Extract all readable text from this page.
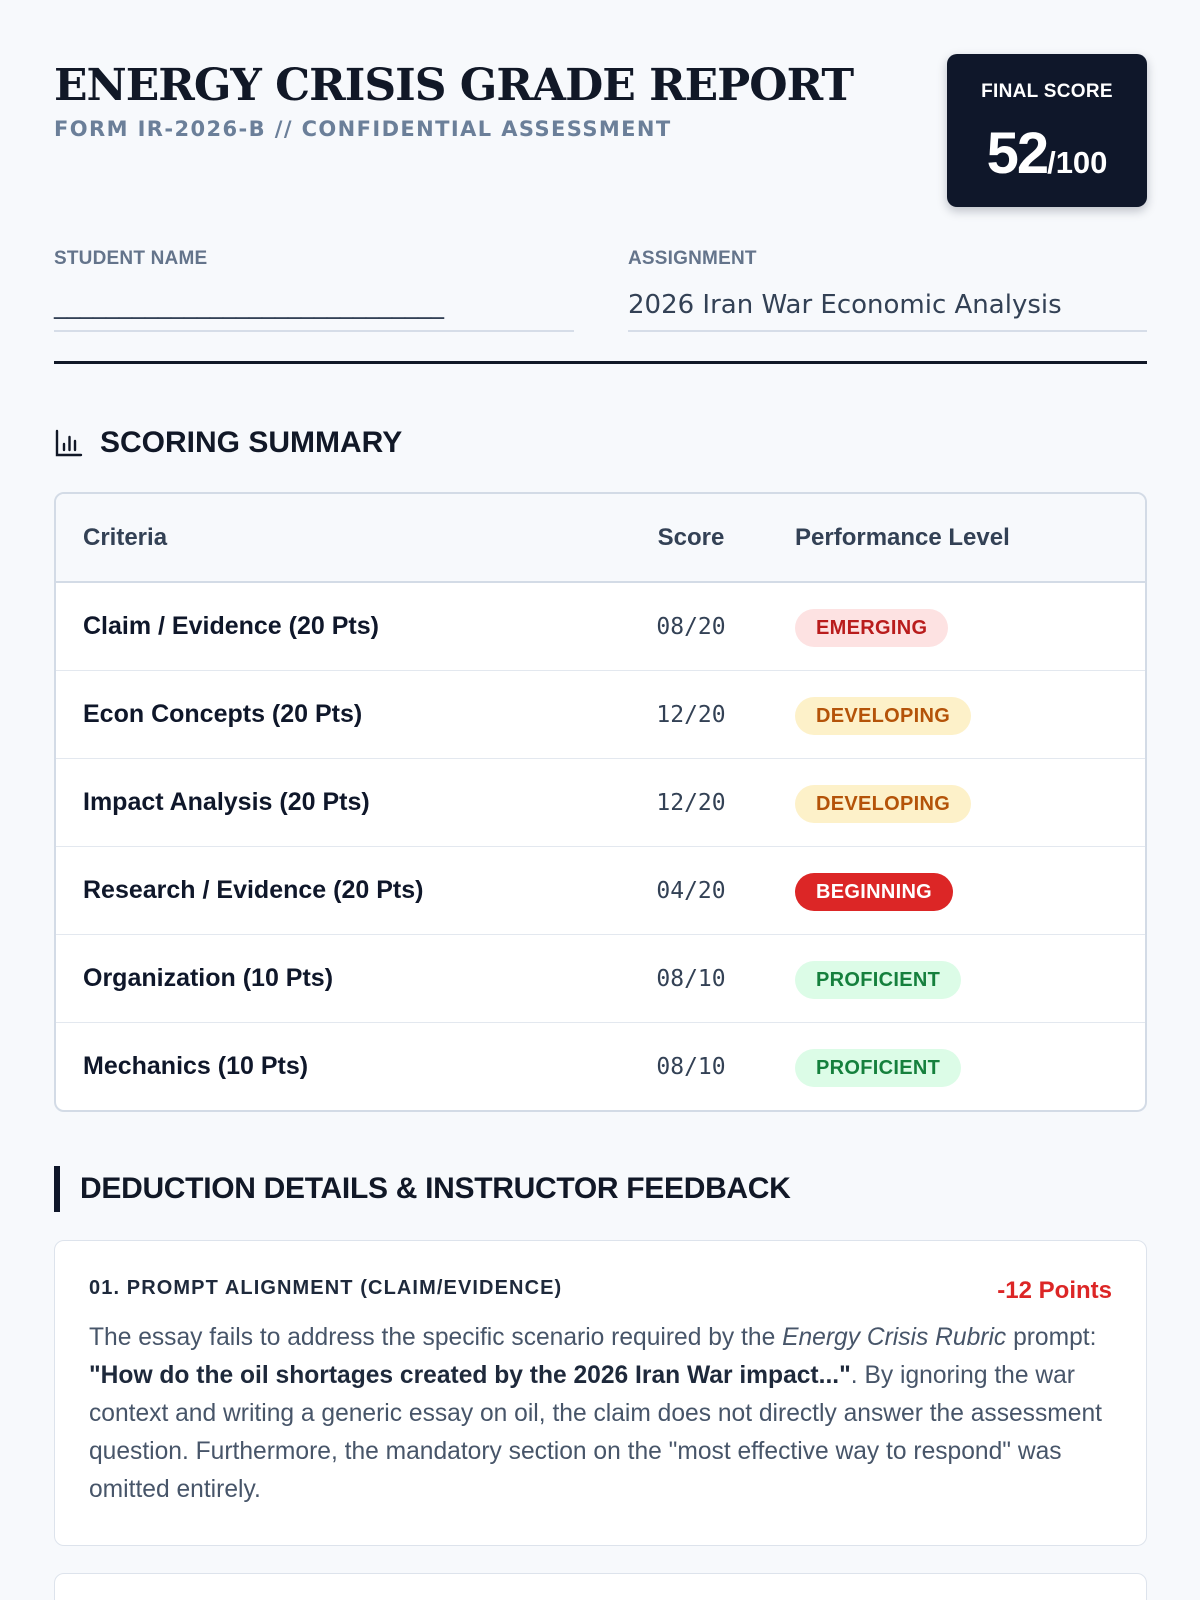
ENERGY CRISIS GRADE REPORT
FORM IR-2026-B // CONFIDENTIAL ASSESSMENT
FINAL SCORE
52/100
STUDENT NAME
______________________________
ASSIGNMENT
2026 Iran War Economic Analysis
SCORING SUMMARY
Criteria	Score	Performance Level
Claim / Evidence (20 Pts)	08/20	EMERGING
Econ Concepts (20 Pts)	12/20	DEVELOPING
Impact Analysis (20 Pts)	12/20	DEVELOPING
Research / Evidence (20 Pts)	04/20	BEGINNING
Organization (10 Pts)	08/10	PROFICIENT
Mechanics (10 Pts)	08/10	PROFICIENT
DEDUCTION DETAILS & INSTRUCTOR FEEDBACK
01. PROMPT ALIGNMENT (CLAIM/EVIDENCE)	-12 Points

The essay fails to address the specific scenario required by the Energy Crisis Rubric prompt: "How do the oil shortages created by the 2026 Iran War impact...". By ignoring the war context and writing a generic essay on oil, the claim does not directly answer the assessment question. Furthermore, the mandatory section on the "most effective way to respond" was omitted entirely.
